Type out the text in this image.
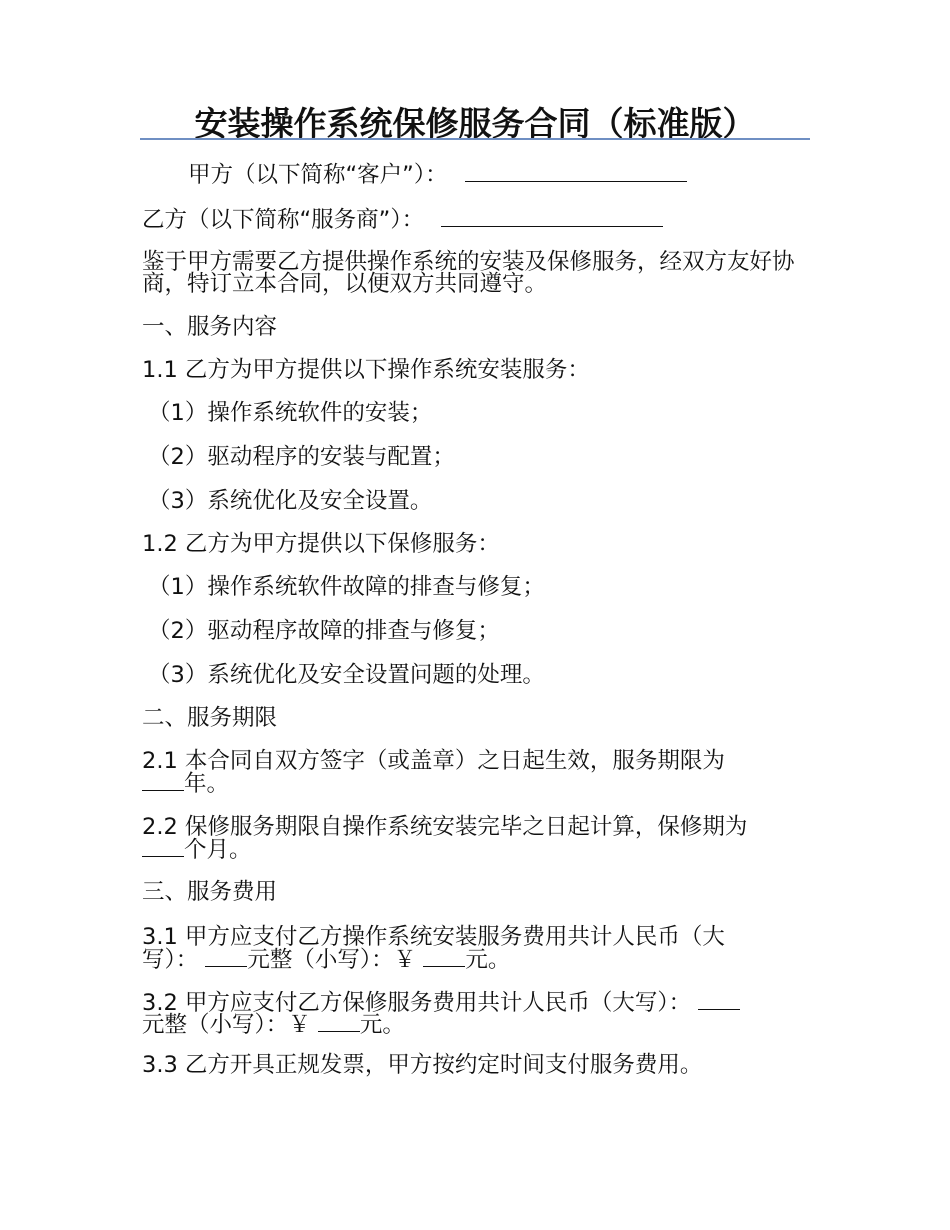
安装操作系统保修服务合同（标准版）
甲方（以下简称“客户”）：
乙方（以下简称“服务商”）：
鉴于甲方需要乙方提供操作系统的安装及保修服务，经双方友好协商，特订立本合同，以便双方共同遵守。
一、服务内容
1.1 乙方为甲方提供以下操作系统安装服务：
（1）操作系统软件的安装；
（2）驱动程序的安装与配置；
（3）系统优化及安全设置。
1.2 乙方为甲方提供以下保修服务：
（1）操作系统软件故障的排查与修复；
（2）驱动程序故障的排查与修复；
（3）系统优化及安全设置问题的处理。
二、服务期限
2.1 本合同自双方签字（或盖章）之日起生效，服务期限为
年。
2.2 保修服务期限自操作系统安装完毕之日起计算，保修期为
个月。
三、服务费用
3.1 甲方应支付乙方操作系统安装服务费用共计人民币（大
写）： 元整（小写）：￥ 元。
3.2 甲方应支付乙方保修服务费用共计人民币（大写）：
元整（小写）：￥ 元。
3.3 乙方开具正规发票，甲方按约定时间支付服务费用。
